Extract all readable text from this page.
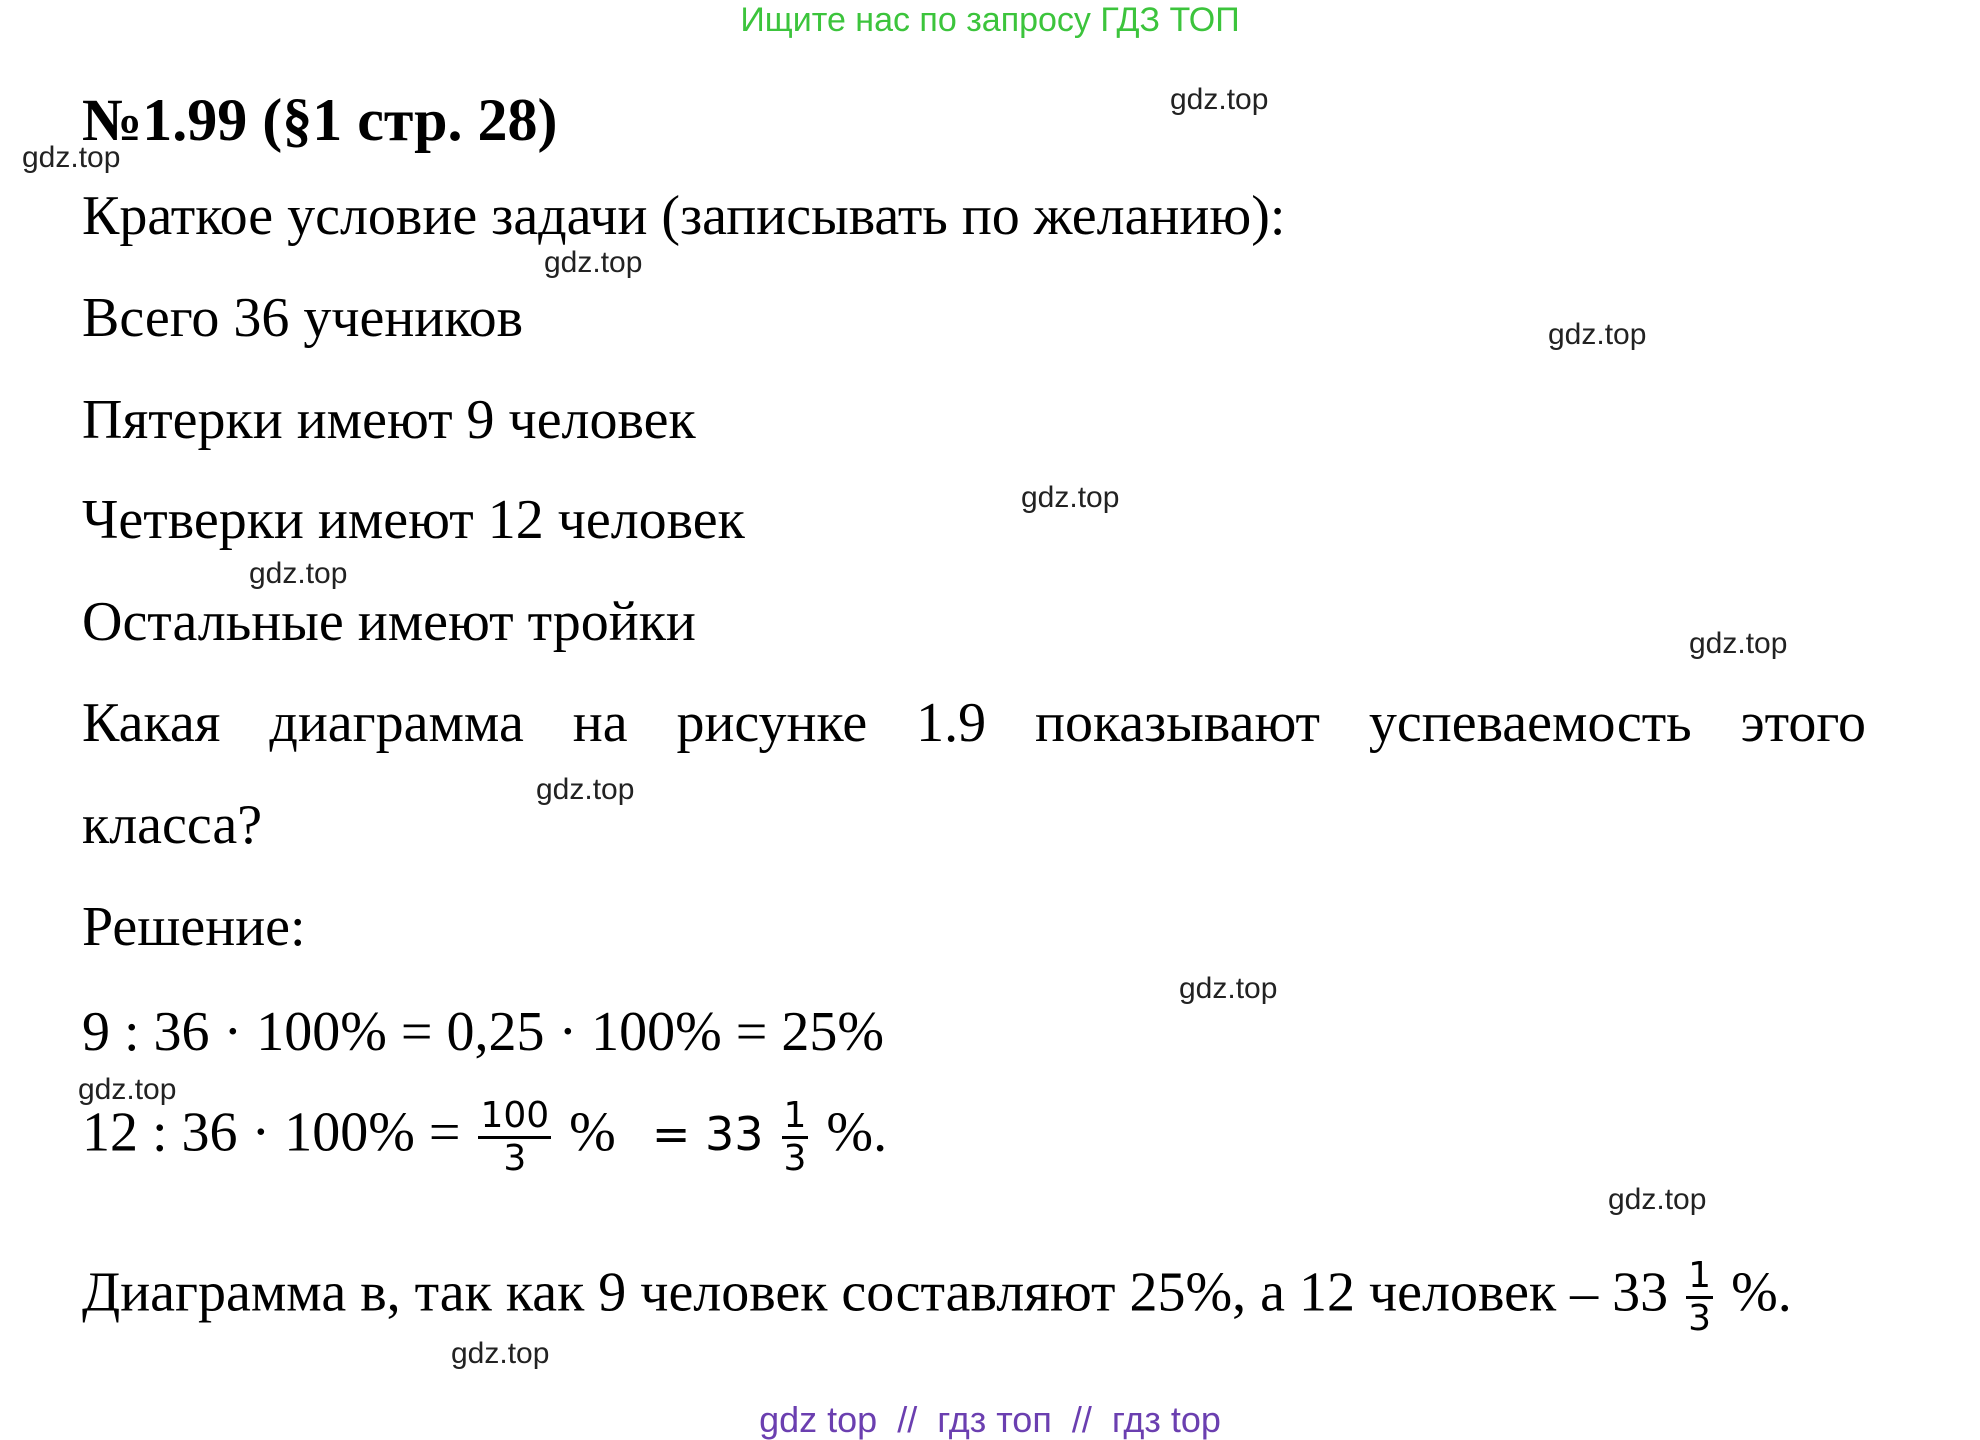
Ищите нас по запросу ГДЗ ТОП
№1.99 (§1 стр. 28)
Краткое условие задачи (записывать по желанию):
Всего 36 учеников
Пятерки имеют 9 человек
Четверки имеют 12 человек
Остальные имеют тройки
Какая диаграмма на рисунке 1.9 показывают успеваемость этого
класса?
Решение:
9 : 36 · 100% = 0,25 · 100% = 25%
12 : $36 \cdot 100\% = \frac{100}{3}$ % = $33 \frac{1}{3}$ %.
Диаграмма в, так как 9 человек составляют 25%, а 12 человек – $33 \frac{1}{3}$ %.
gdz.top
gdz.top
gdz.top
gdz.top
gdz.top
gdz.top
gdz.top
gdz.top
gdz.top
gdz.top
gdz.top
gdz.top
gdz top  //  гдз топ  //  гдз top
